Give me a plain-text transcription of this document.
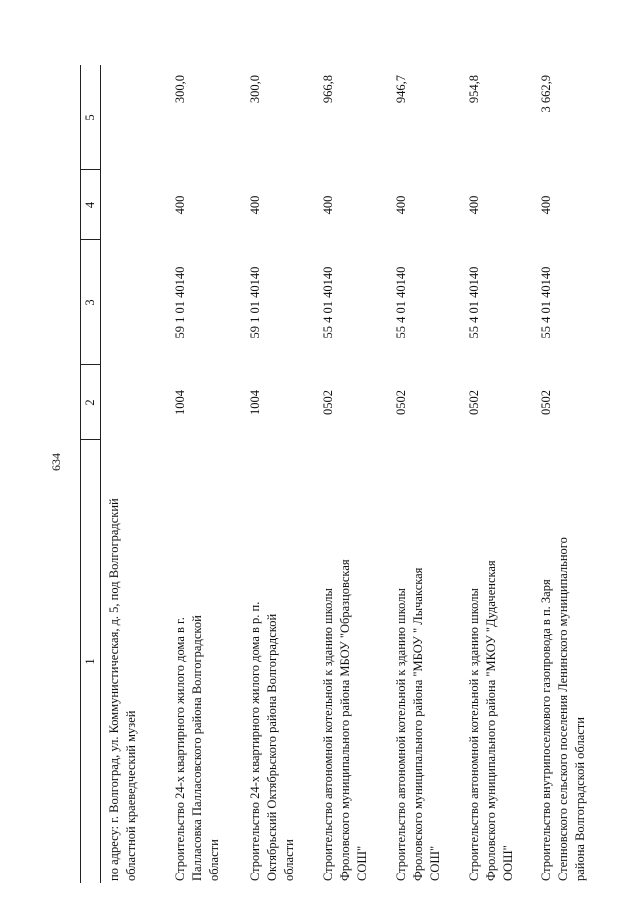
634
1
2
3
4
5
по адресу: г. Волгоград, ул. Коммунистическая, д. 5, под Волгоградский областной краеведческий музей	Строительство 24-х квартирного жилого дома в г. Палласовка Палласовского района Волгоградской области
1004
59 1 01 40140
400
300,0
Строительство 24-х квартирного жилого дома в р. п. Октябрьский Октябрьского района Волгоградской области
1004
59 1 01 40140
400
300,0
Строительство автономной котельной к зданию школы Фроловского муниципального района МБОУ "Образцовская СОШ"
0502
55 4 01 40140
400
966,8
Строительство автономной котельной к зданию школы Фроловского муниципального района "МБОУ " Лычакская СОШ"
0502
55 4 01 40140
400
946,7
Строительство автономной котельной к зданию школы Фроловского муниципального района "МКОУ "Дудаченская ООШ"
0502
55 4 01 40140
400
954,8
Строительство внутрипоселкового газопровода в п. Заря Степновского сельского поселения Ленинского муниципального района Волгоградской области
0502
55 4 01 40140
400
3 662,9
